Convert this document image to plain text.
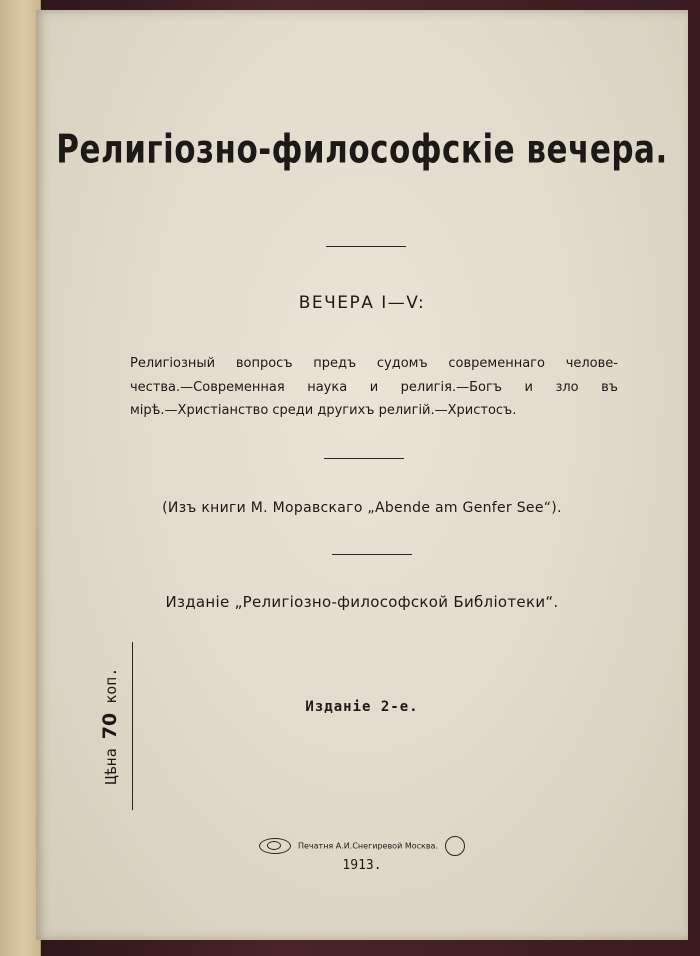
Религіозно-философскіе вечера.
ВЕЧЕРА I—V:
Религіозный вопросъ предъ судомъ современнаго челове-
чества.—Современная наука и религія.—Богъ и зло въ
мірѣ.—Христіанство среди другихъ религій.—Христосъ.
(Изъ книги М. Моравскаго „Abende am Genfer See“).
Изданіе „Религіозно-философской Библіотеки“.
Цѣна 70 коп.
Изданіе 2-е.
Печатня А.И.Снегиревой Москва.
1913.
